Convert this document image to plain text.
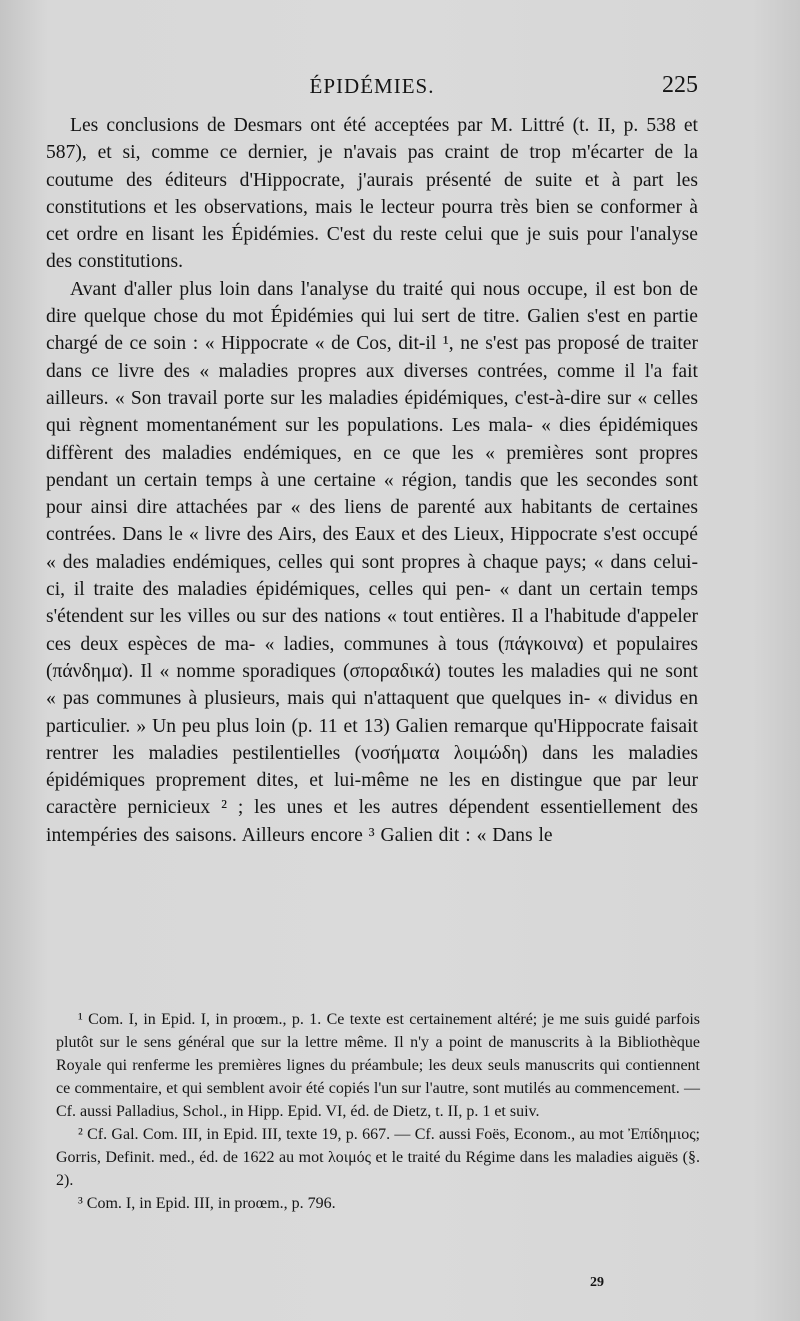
ÉPIDÉMIES.	225

Les conclusions de Desmars ont été acceptées par M. Littré (t. II, p. 538 et 587), et si, comme ce dernier, je n'avais pas craint de trop m'écarter de la coutume des éditeurs d'Hippocrate, j'aurais présenté de suite et à part les constitutions et les observations, mais le lecteur pourra très bien se conformer à cet ordre en lisant les Épidémies. C'est du reste celui que je suis pour l'analyse des constitutions.

Avant d'aller plus loin dans l'analyse du traité qui nous occupe, il est bon de dire quelque chose du mot Épidémies qui lui sert de titre. Galien s'est en partie chargé de ce soin : « Hippocrate « de Cos, dit-il ¹, ne s'est pas proposé de traiter dans ce livre des « maladies propres aux diverses contrées, comme il l'a fait ailleurs. « Son travail porte sur les maladies épidémiques, c'est-à-dire sur « celles qui règnent momentanément sur les populations. Les mala- « dies épidémiques diffèrent des maladies endémiques, en ce que les « premières sont propres pendant un certain temps à une certaine « région, tandis que les secondes sont pour ainsi dire attachées par « des liens de parenté aux habitants de certaines contrées. Dans le « livre des Airs, des Eaux et des Lieux, Hippocrate s'est occupé « des maladies endémiques, celles qui sont propres à chaque pays; « dans celui-ci, il traite des maladies épidémiques, celles qui pen- « dant un certain temps s'étendent sur les villes ou sur des nations « tout entières. Il a l'habitude d'appeler ces deux espèces de ma- « ladies, communes à tous (πάγκοινα) et populaires (πάνδημα). Il « nomme sporadiques (σποραδικά) toutes les maladies qui ne sont « pas communes à plusieurs, mais qui n'attaquent que quelques in- « dividus en particulier. » Un peu plus loin (p. 11 et 13) Galien remarque qu'Hippocrate faisait rentrer les maladies pestilentielles (νοσήματα λοιμώδη) dans les maladies épidémiques proprement dites, et lui-même ne les en distingue que par leur caractère pernicieux ² ; les unes et les autres dépendent essentiellement des intempéries des saisons. Ailleurs encore ³ Galien dit : « Dans le

¹ Com. I, in Epid. I, in proœm., p. 1. Ce texte est certainement altéré; je me suis guidé parfois plutôt sur le sens général que sur la lettre même. Il n'y a point de manuscrits à la Bibliothèque Royale qui renferme les premières lignes du préambule; les deux seuls manuscrits qui contiennent ce commentaire, et qui semblent avoir été copiés l'un sur l'autre, sont mutilés au commencement. — Cf. aussi Palladius, Schol., in Hipp. Epid. VI, éd. de Dietz, t. II, p. 1 et suiv.

² Cf. Gal. Com. III, in Epid. III, texte 19, p. 667. — Cf. aussi Foës, Econom., au mot Ἐπίδημιος; Gorris, Definit. med., éd. de 1622 au mot λοιμός et le traité du Régime dans les maladies aiguës (§. 2).

³ Com. I, in Epid. III, in proœm., p. 796.

29
